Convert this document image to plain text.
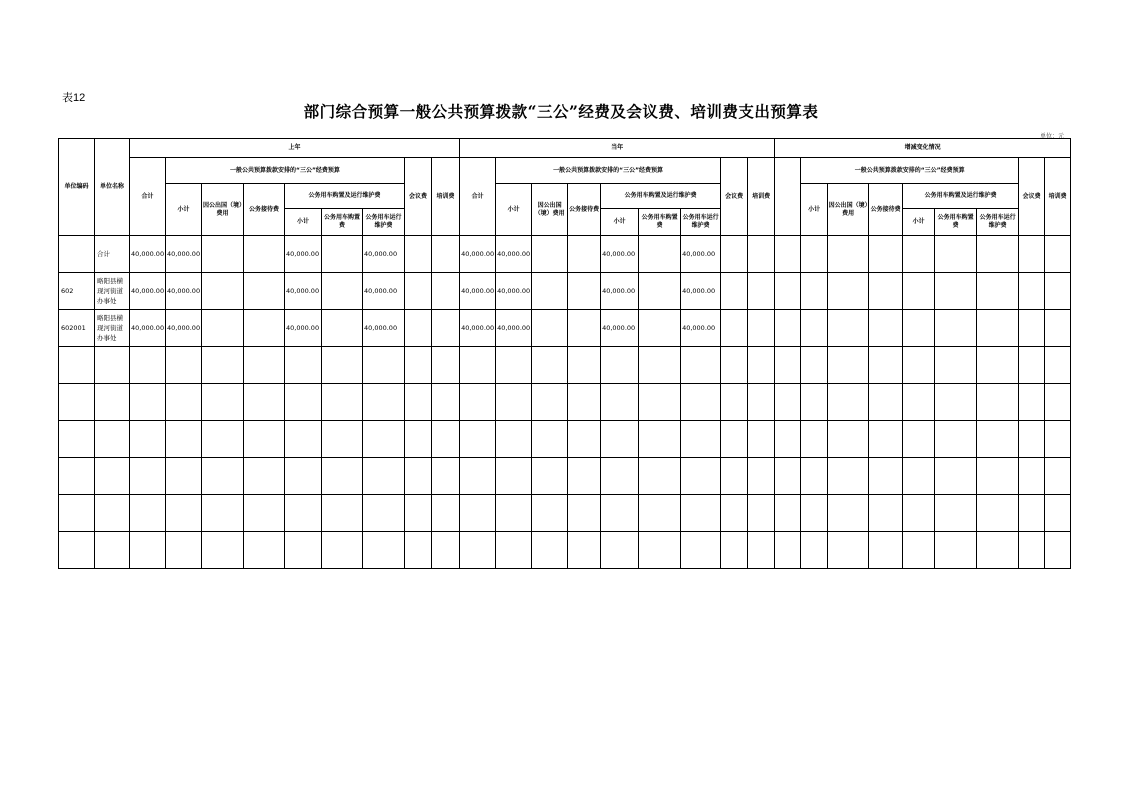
表12
部门综合预算一般公共预算拨款“三公”经费及会议费、培训费支出预算表
单位：元
单位编码	单位名称	上年									当年									增减变化情况								
		合计	一般公共预算拨款安排的“三公”经费预算						会议费	培训费	合计	一般公共预算拨款安排的“三公”经费预算						会议费	培训费		一般公共预算拨款安排的“三公”经费预算						会议费	培训费
			小计	因公出国（境）费用	公务接待费	公务用车购置及运行维护费						小计	因公出国（境）费用	公务接待费	公务用车购置及运行维护费						小计	因公出国（境）费用	公务接待费	公务用车购置及运行维护费				
						小计	公务用车购置费	公务用车运行维护费							小计	公务用车购置费	公务用车运行维护费							小计	公务用车购置费	公务用车运行维护费		
	合计	40,000.00	40,000.00			40,000.00		40,000.00			40,000.00	40,000.00			40,000.00		40,000.00											
602	略阳县横现河街道办事处	40,000.00	40,000.00			40,000.00		40,000.00			40,000.00	40,000.00			40,000.00		40,000.00											
602001	略阳县横现河街道办事处	40,000.00	40,000.00			40,000.00		40,000.00			40,000.00	40,000.00			40,000.00		40,000.00											
